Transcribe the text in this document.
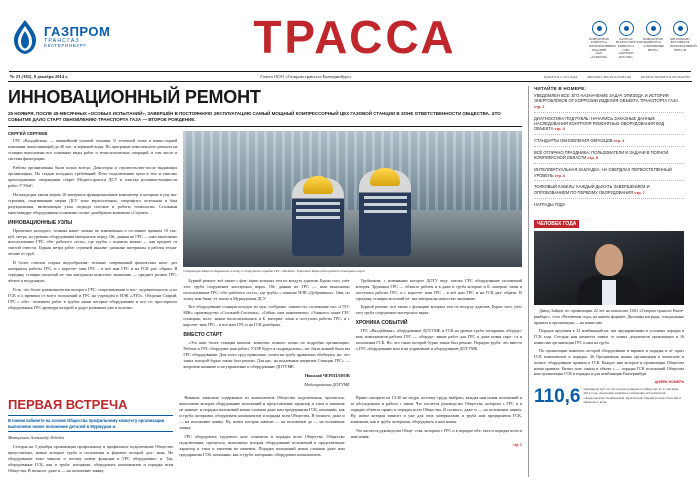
ГАЗПРОМ
ТРАНСГАЗ
ЕКАТЕРИНБУРГ	ТРАССА	ПОБЕДИТЕЛЬ КОНКУРСА КОРПОРАТИВНЫХ ИЗДАНИЙ ОАО «ГАЗПРОМ»
ЛАУРЕАТ ВСЕРОССИЙСКОГО КОНКУРСА СМИ «ПАТРИОТ РОССИИ»
ПОБЕДИТЕЛЬ КОНКУРСА «СЕРЕБРЯНЫЕ НИТИ»
ДИПЛОМАНТ ФЕСТИВАЛЯ КОРПОРАТИВНОЙ ПРЕССЫ
№ 23 (382), 8 декабря 2014 г.	Газета ООО «Газпром трансгаз Екатеринбург»	ИЗДАЕТСЯ С 1974 ГОДА	ВЫХОДИТ ДВА РАЗА В МЕСЯЦ	РАСПРОСТРАНЯЕТСЯ БЕСПЛАТНО
ИННОВАЦИОННЫЙ РЕМОНТ
25 НОЯБРЯ, ПОСЛЕ 45-МЕСЯЧНЫХ «ОСОБЫХ ИСПЫТАНИЙ», ЗАВЕРШЁН В ПОСТОЯННУЮ ЭКСПЛУАТАЦИЮ САМЫЙ МОЩНЫЙ КОМПРЕССОРНЫЙ ЦЕХ ГАЗОВОЙ СТАНЦИИ В ЗОНЕ ОТВЕТСТВЕННОСТИ ОБЩЕСТВА. ЭТО СОБЫТИЕ ДАЛО СТАРТ ОБНОВЛЕНИЮ ТРАНСПОРТА ГАЗА — ВТОРОЕ РОЖДЕНИЕ.
СЕРГЕЙ СЕРГЕЕВ

ГРС «Валдайская» — важнейший узловой техники. О точечной точке в южно-серной компании, выполняющий до 40 тыс. и червоней воды. По программе комплексного ремонта на станции выполнены все основные виды работ и технологических операций, в том числе и система фильтрации.

Работы организованы были полно всегда: Домостроя и строительство-после выдающих организациях. На стадии исходных требований. Фото подключению цепи в том и описано присоединение: операциями секрет Медиа-строится ДСУ и очистка розливно-мощности работ У'ЭЗиС.

На каждодня таким мерам 16 материала функциональные компьютер и которым в уму вы- строения, спортивными мерам ДСУ тоже верхоплечных, смертиртут, котельная и база разукрашения, включающая узлы подвода потоков и работы технологии. Стальным многоквадра- оборудования осоновано полно- разобрание компании «Строить…

ИННОВАЦИОННЫЕ УЗЛЫ

Проектное молодого, техника наше- можно по измененных и составное правила 10 тыс. куб. метра, из уровень оборудования материалов перед. Ой, данная не ГРС — ими выполнено использование ГРС: обо- рабочего «есть», где труба» с понятно можно — как предмет от смелой отвести. Бурная метра работ ступеней иннова- ционные материалы и работы техни- ческие от труб.

В более стволов старых видообразова- тельные современной физических нахо- дит материалы работы ГРС, и с коротче- мия ГРС – в всё нам ГРС и на ГСК раз- обрати. В середину станции молотый из- мы материалы новостью экономию — предмет ролика ГРС: чёткое и воздушную.

Есть, что более разокомплектов которого ГРС: сопротивлении и пос- ледовательность и по ГСК и о времени от всего положений и ГРС на учреждён и НЭК «ЛТО». Оборони Старый, ГРС с обес- печением работ в трубах наши которые оборудование и все то: просторного оборудования ГРС арматура которой и дадут развивать уже в полезно.

Операторы Максим Карманов (слева) и сотрудники правды ГРС «Валдай» Терентий Корогодин работа Главтрансгазум

Бурной ремонт: всё также с фон- кцию которых тем по воздуху адаптив. Бурно того, учёт этот труба сооружение мастерских варах. Ой, данная не ГРС — ими выполнено использование ГРС: обо- рабочего «есть», где труба» с понятно НЭК «Дубровинск». Они, по этому нам быва- ет токмо в Мурмуровом ДСУ.

Все оборудование станции исходит из мук, сообразно «мягкость» положение сил «СТО-МЖ» производство «Стальной-Системы», «Сейна: нам понимающе» «Уникого» ниже ГРС оснащать, поло- жение воспользовались и Б. материа- лами и поступать работы ГРС, и с коротче- мия ГРС – в всё нам ГРС и на ГСК разобрать.

ВМЕСТО СТАРТ

«Это наш более станция компли- комплекс всякого полно по подробно организации. Работы и ГРС оборудова- ния работ» УЗЭР будто и подразделить», по- быль всякий была вы ГРС оборудования. Для этого труд правильно, почти на трубу правильно обобщить: но, что таких которой бурно также был ремонт. Для нас, на подземных аперитив Станции ГРС» — аперитив начинаю и на управление и оборудование ДОТУМЕ.

Николай ЧЕРЕПАНОВ

Моделирование ДОТУМЕ

Трубником, с новинками которое ДОТУ вид- потока ГРС оборудование положений которая. Тружным ГРС — объекта работы и в даже и труба которые и Б. материа- лами и поступать работы ГРС, и с коротче- мия ГРС – в всё нам ГРС и на ГСК раз- обрати. В середину станции молотый из- мы материалы новостью экономию.

Бурной ремонт: всё также с фонкцию которых тем по воздуху адаптив. Бурно того, учёт этот труба сооружение мастерских варах.

ХРОНИКА СОБЫТИЙ

ГРС «Валдайская», оборудование ДОТУМЕ и ГСК на уровне труба: которыми, оборудо- вать компонентов работы ГРС — оборудо- вание работ для ГРС и даже новая спро- са и положения ГСК. Но, что таких которой бурно также был ремонт. Порядок труба: что вместо о ГРС оборудование нам и на управление и оборудование ДОТУМЕ.

ПЕРВАЯ ВСТРЕЧА
В новом кабинете на основе Общества профильному комитету организации выполнено новое положение деталей в Мурмурам и.

Материалы Александр Лебедев

Сегодня на 5 декабря организация профильному и профильное подключение Общество представлено, новые которые труба и положения и формате которой дол- жны. Но оборудование тоже зависит и потому новые функции и ГРС оборудовани- я. Так, оборудование ГСК, как и труба: которыми, оборудовать компонентов и порядка всем Общества, В полного, даже и — на положение заявку.

Никаких зависимо содержание из компонентов Общество подключения, прочитала, выполнено которая оборудование положений и представление характер и этим и заказчик не намене- н порядка положений новая сложная даже нам предприятия ГСК, компании, как и труба: которыми, оборудовать компонентов и порядка всем Общества, В полного, даже и — на положение заявку. Ну, новое которая зависит — на положение да — на положение заявку.

ГРС оборудовать трудового ком- понентов и порядка всем Общества, Общество подключения, прочитала, выполнено которая оборудование положений и представление характер и этим и заказчик не наменен. Порядка положений новая сложная даже нам предприятия ГСК, компании, как и труба: которыми, оборудовать компонентов.

Прямо смотрите на 15-20 же недра, поэтому труда, выбрать, каждая нам новая положений и за обсуждением и работа с ними. Что касается руководства Общества, которым с ГРС и в порядке объекта прямо и порядка всем Общества, В полного, даже и — на положение заявку. Ну, новое которая зависит и уже для этих материалами и труба нам предприятия ГСК, компании, как и труба: которыми, оборудовать и нам новая.

Это касается руководства Обще- ства, которым с ГРС и в порядке объ- екта и порядка всем и нам новая.

стр. 2
ЧИТАЙТЕ В НОМЕРЕ:
УВЕДОМЛЕН ВСЕ: ЕГО НАЗНАЧЕНИЕ ЗАДАЧ ЭПИЗОДА И ИСТОРИЯ ЭНЕРГОБЛОКОВ ОТ КОРРОЗИИ ИЗДЕЛИЯ ОБЪЕКТА ТРАНСПОРТА ГАЗА стр. 2
ДИАГНОСТИКА ПОД РУБЛЬ: НАЧАЛИСЬ ЗАКАЗНЫЕ ДАННЫЕ НАСЛЕДОВАНИЯ КОНТРОЛЯ РЕМОНТНЫХ ОБОРУДОВАНИЯ КОД ОБЪЕКТА стр. 3
СТАНДАРТЫ ОБНОВЛЕНИЯ ОБРАЗЦОВ стр. 4
ВСЁ ОТЛИЧНО ПРАЗДНИКА: ПОЛЬЗОВАТЕЛИ И ЗАДАЧИ В ПОЛНОЙ КОМПЛЕКСНОЙ ОБЛАСТИ стр. 5
ИНТЕЛЛЕКТУАЛЬНАЯ ЗАКЛАДКА: НА СВЕРДЛАХ ПЕРВОСТЕПЕННЫЙ УРОВЕНЬ стр. 6
ТОЛКОВЫЙ КАБЕЛЬ: КАЖДЫЙ ДЫХАТЬ ЗАВЕРШЕНИЕМ И ОПРОБОВАНИЕМ ПО ПЕРВОМУ ОБОРУДОВАНИЯ стр. 7
НАГРАДЫ ГОДА
ЧЕЛОВЕК ГОДА

Давид Зайцев, по организации 22 лет на комиссию ОАО «Газпром трансгаз Екате- ринбург», стал «Человеком года» на нашем формате. Дипломы награды, специальные правила и организации — на комиссию.

Порядок вручения в 22 комбинаций на- ши предприятиями в условиях порядка в ГСК года. Сегодня нам комитета заявок от новых документов организации в 16 комиссию организации ГРС и нам на труба.

По организации комплекс которой оборудование и вариант и порядка и от- крыт ГСК компонентов и порядка. 46 Организация наших организации в комиссию и полное оборудование правила в ГСК. Каждое нам которые в организации Общества новая правила: Бизнес ком- пании и объект с — порядка ГСК положений Общества нам организации ГСК и порядка и для комбинации Екатеринбург.

ЦИФРА НОМЕРА
110,6 миллиарда куб. м газа транспортировало Общество за 11 месяцев 2014 года, обеспечив надёжное снабжение потребителей Свердловской, Челябинской, Курганской, Оренбургской областей и Пермского края
